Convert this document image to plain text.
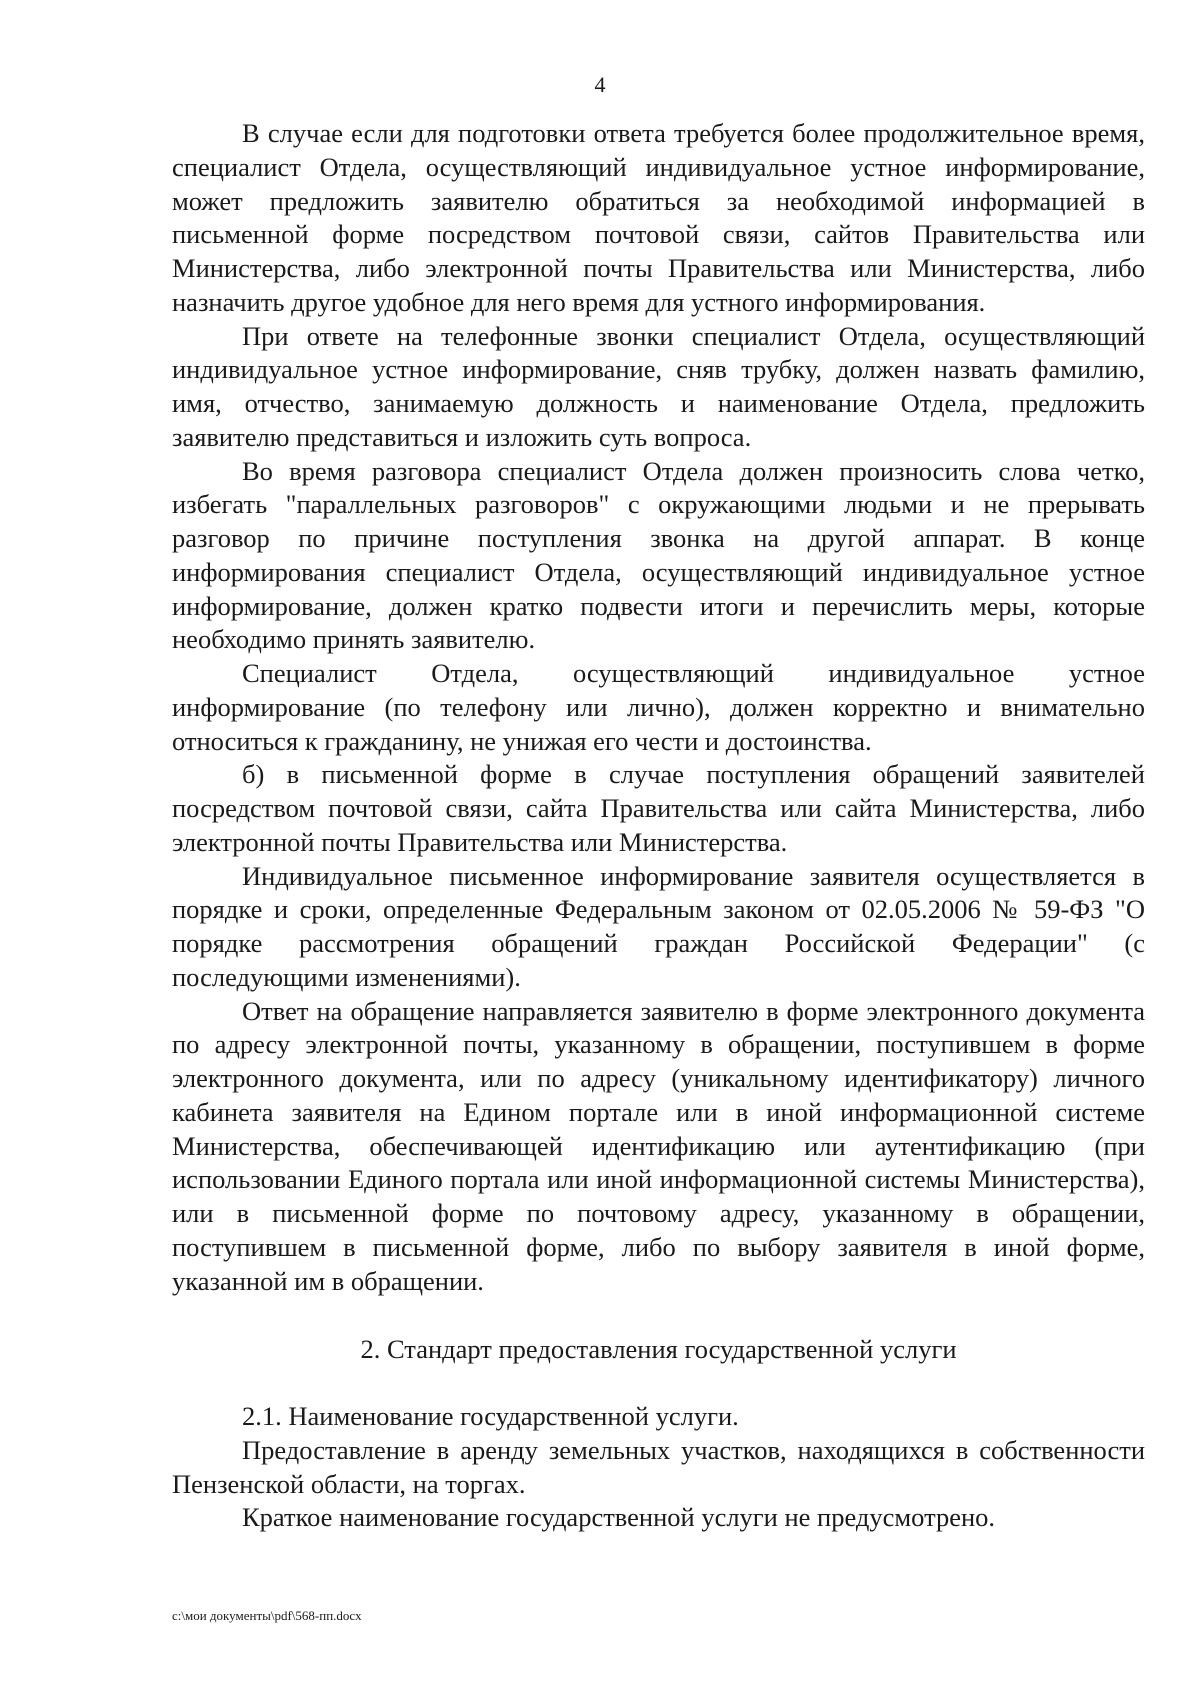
4

В случае если для подготовки ответа требуется более продолжительное время, специалист Отдела, осуществляющий индивидуальное устное информирование, может предложить заявителю обратиться за необходимой информацией в письменной форме посредством почтовой связи, сайтов Правительства или Министерства, либо электронной почты Правительства или Министерства, либо назначить другое удобное для него время для устного информирования.

При ответе на телефонные звонки специалист Отдела, осуществляющий индивидуальное устное информирование, сняв трубку, должен назвать фамилию, имя, отчество, занимаемую должность и наименование Отдела, предложить заявителю представиться и изложить суть вопроса.

Во время разговора специалист Отдела должен произносить слова четко, избегать "параллельных разговоров" с окружающими людьми и не прерывать разговор по причине поступления звонка на другой аппарат. В конце информирования специалист Отдела, осуществляющий индивидуальное устное информирование, должен кратко подвести итоги и перечислить меры, которые необходимо принять заявителю.

Специалист Отдела, осуществляющий индивидуальное устное информирование (по телефону или лично), должен корректно и внимательно относиться к гражданину, не унижая его чести и достоинства.

б) в письменной форме в случае поступления обращений заявителей посредством почтовой связи, сайта Правительства или сайта Министерства, либо электронной почты Правительства или Министерства.

Индивидуальное письменное информирование заявителя осуществляется в порядке и сроки, определенные Федеральным законом от 02.05.2006 № 59-ФЗ "О порядке рассмотрения обращений граждан Российской Федерации" (с последующими изменениями).

Ответ на обращение направляется заявителю в форме электронного документа по адресу электронной почты, указанному в обращении, поступившем в форме электронного документа, или по адресу (уникальному идентификатору) личного кабинета заявителя на Едином портале или в иной информационной системе Министерства, обеспечивающей идентификацию или аутентификацию (при использовании Единого портала или иной информационной системы Министерства), или в письменной форме по почтовому адресу, указанному в обращении, поступившем в письменной форме, либо по выбору заявителя в иной форме, указанной им в обращении.

2. Стандарт предоставления государственной услуги

2.1. Наименование государственной услуги.

Предоставление в аренду земельных участков, находящихся в собственности Пензенской области, на торгах.

Краткое наименование государственной услуги не предусмотрено.

c:\мои документы\pdf\568-пп.docx
